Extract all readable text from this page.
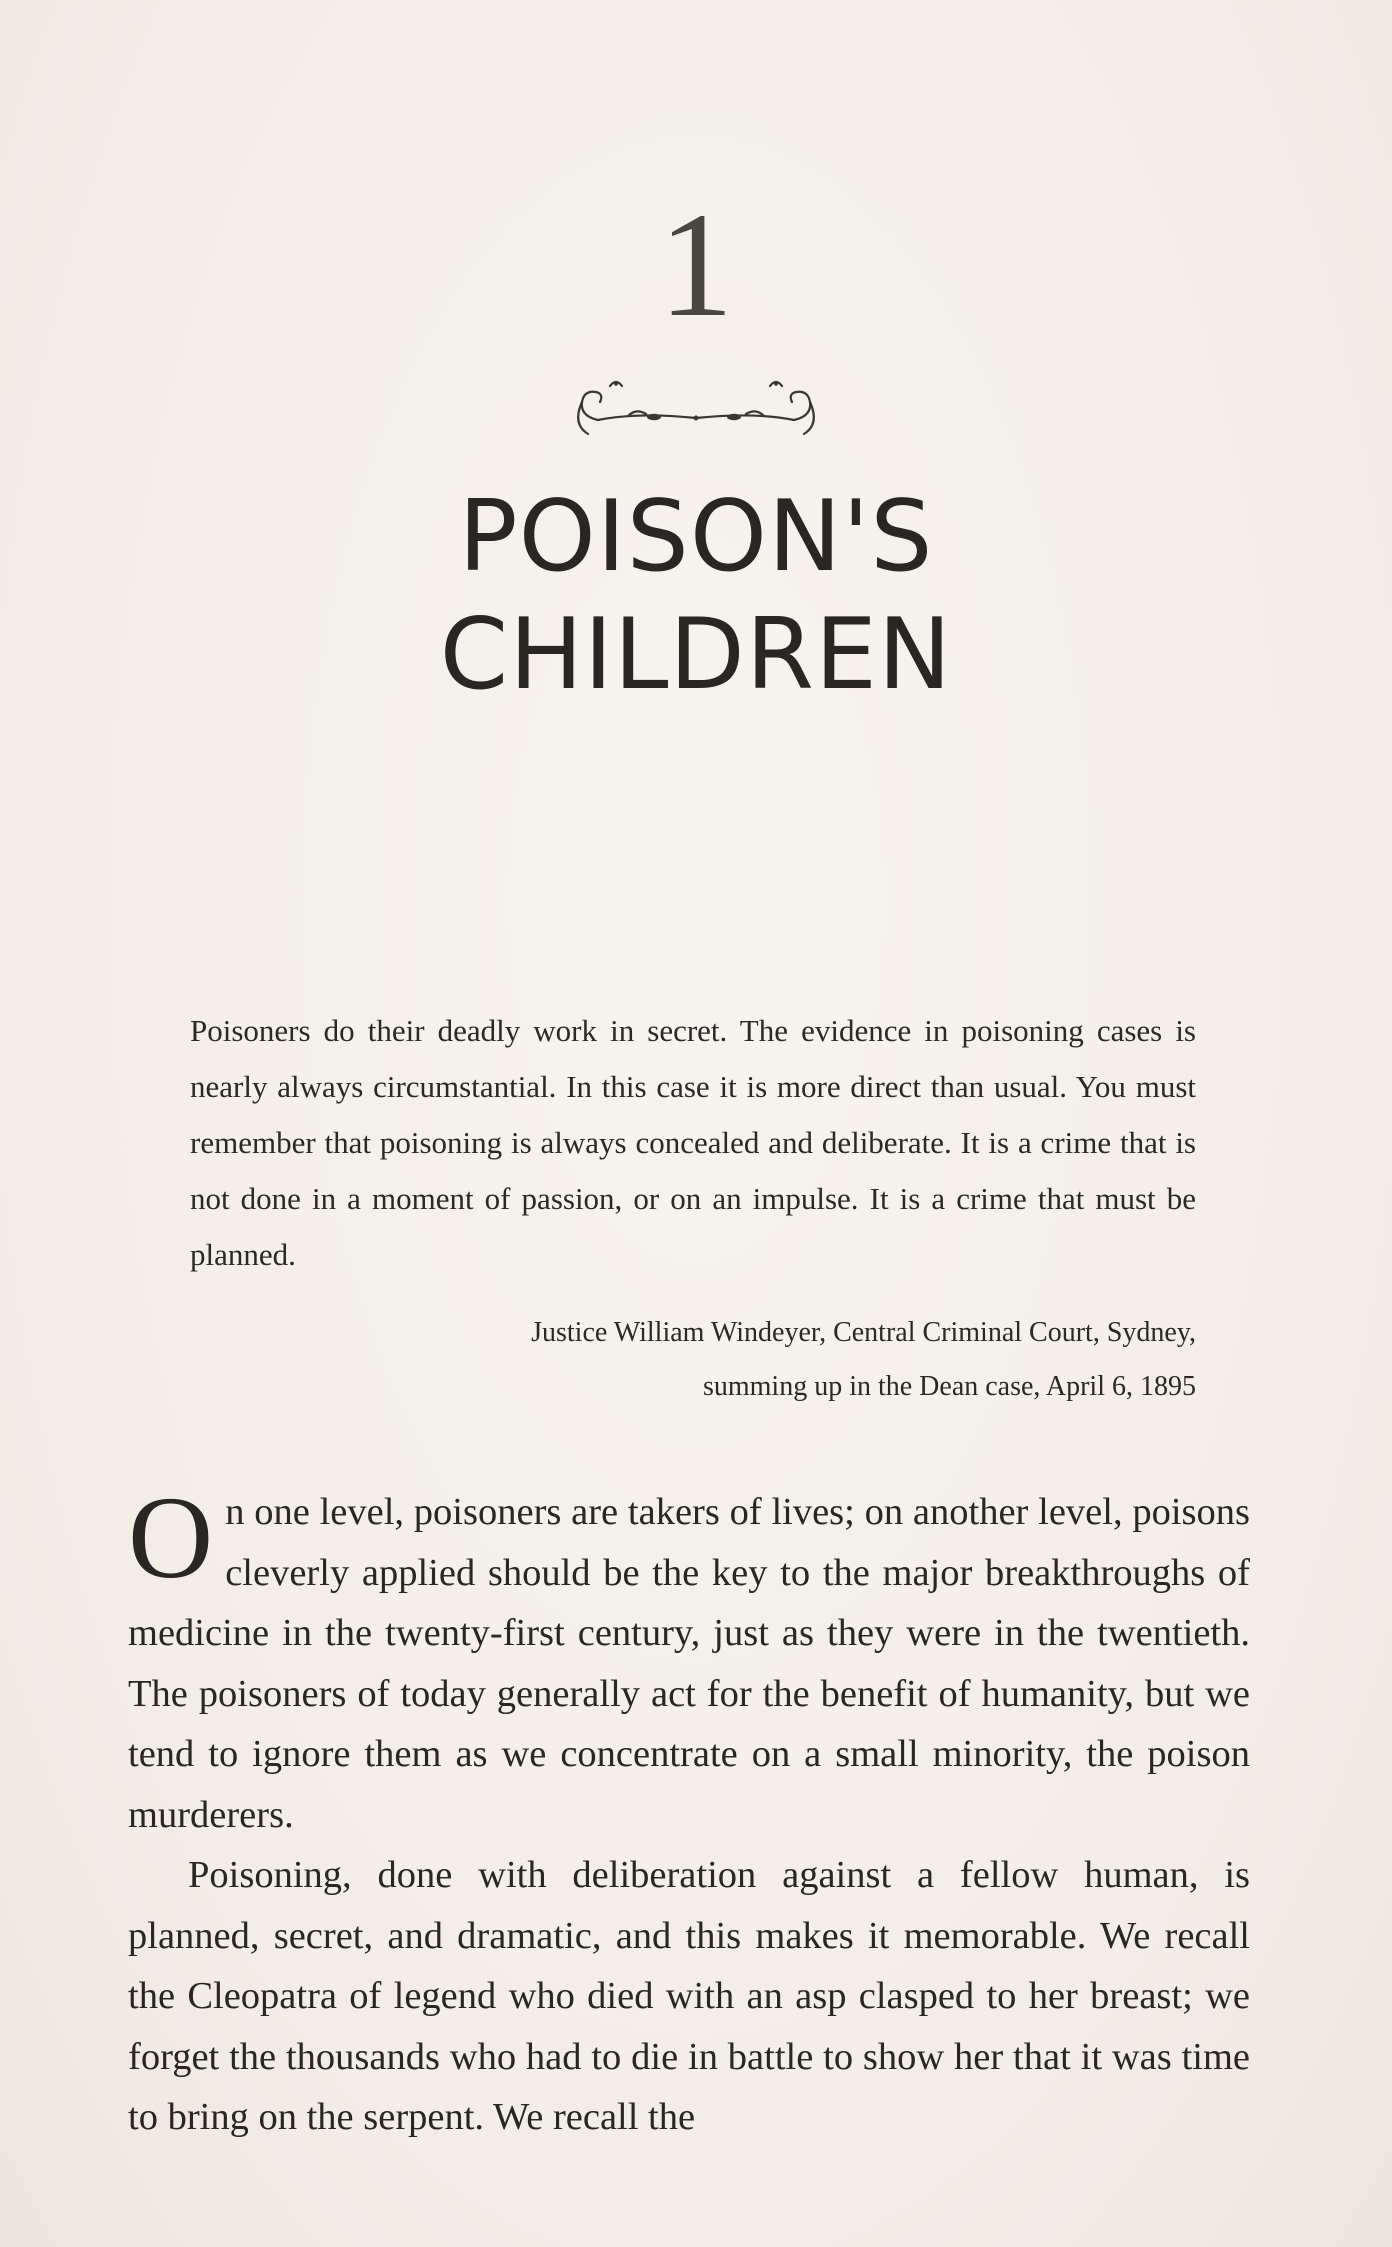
1
POISON'S
CHILDREN

Poisoners do their deadly work in secret. The evidence in poisoning cases is nearly always circumstantial. In this case it is more direct than usual. You must remember that poisoning is always concealed and deliberate. It is a crime that is not done in a moment of passion, or on an impulse. It is a crime that must be planned.

Justice William Windeyer, Central Criminal Court, Sydney,
summing up in the Dean case, April 6, 1895

On one level, poisoners are takers of lives; on another level, poisons cleverly applied should be the key to the major breakthroughs of medicine in the twenty-first century, just as they were in the twentieth. The poisoners of today generally act for the benefit of humanity, but we tend to ignore them as we concentrate on a small minority, the poison murderers.

Poisoning, done with deliberation against a fellow human, is planned, secret, and dramatic, and this makes it memorable. We recall the Cleopatra of legend who died with an asp clasped to her breast; we forget the thousands who had to die in battle to show her that it was time to bring on the serpent. We recall the
